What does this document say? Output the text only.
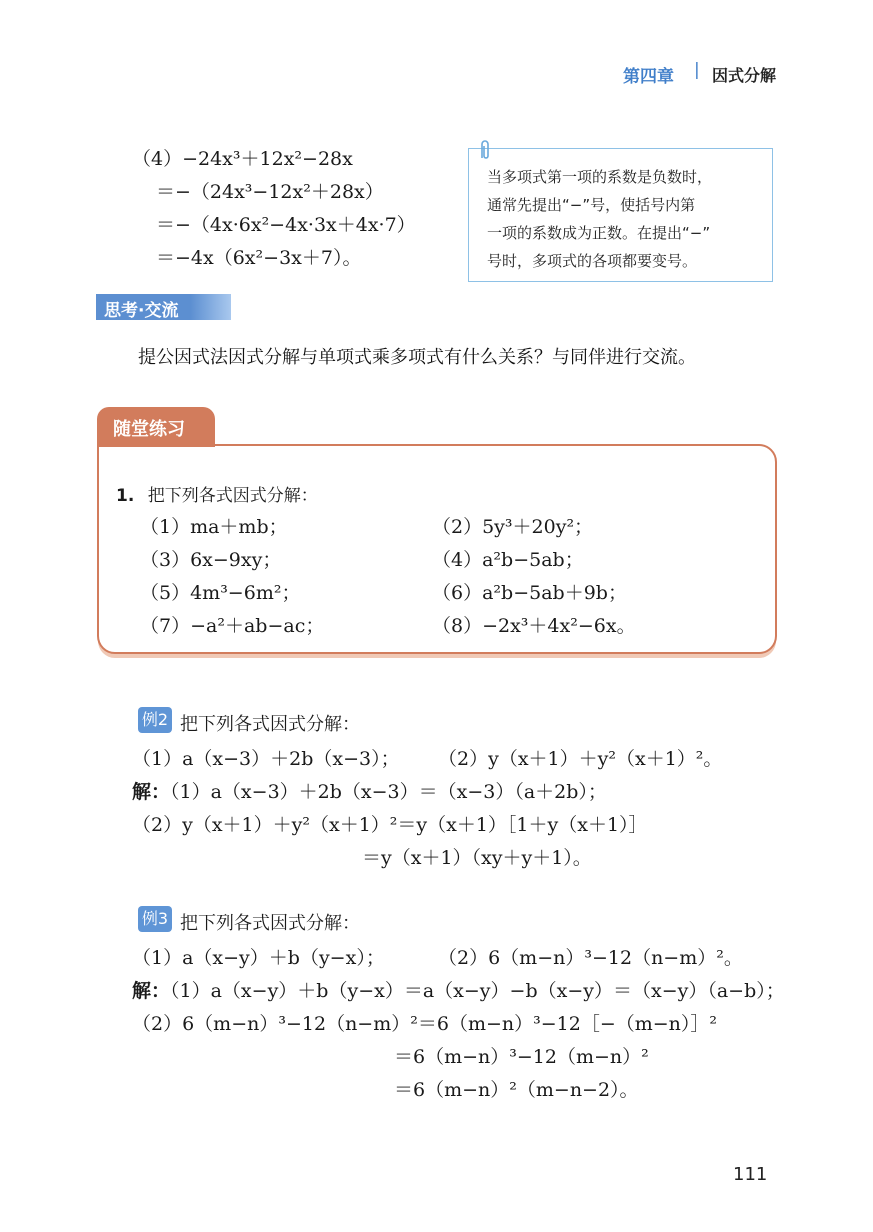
第四章 | 因式分解
（4）−24x³＋12x²−28x
＝−（24x³−12x²＋28x）
＝−（4x·6x²−4x·3x＋4x·7）
＝−4x（6x²−3x＋7）。
当多项式第一项的系数是负数时，
通常先提出“−”号，使括号内第
一项的系数成为正数。在提出“−”
号时，多项式的各项都要变号。
思考·交流
提公因式法因式分解与单项式乘多项式有什么关系？与同伴进行交流。
随堂练习
1. 把下列各式因式分解：
（1）ma＋mb；	（2）5y³＋20y²；
（3）6x−9xy；	（4）a²b−5ab；
（5）4m³−6m²；	（6）a²b−5ab＋9b；
（7）−a²＋ab−ac；	（8）−2x³＋4x²−6x。
例2 把下列各式因式分解：
（1）a（x−3）＋2b（x−3）； （2）y（x＋1）＋y²（x＋1）²。
解：（1）a（x−3）＋2b（x−3）＝（x−3）（a＋2b）；
（2）y（x＋1）＋y²（x＋1）²＝y（x＋1）［1＋y（x＋1）］
＝y（x＋1）（xy＋y＋1）。
例3 把下列各式因式分解：
（1）a（x−y）＋b（y−x）；	（2）6（m−n）³−12（n−m）²。
解：（1）a（x−y）＋b（y−x）＝a（x−y）−b（x−y）＝（x−y）（a−b）；
（2）6（m−n）³−12（n−m）²＝6（m−n）³−12［−（m−n）］²
＝6（m−n）³−12（m−n）²
＝6（m−n）²（m−n−2）。
111
